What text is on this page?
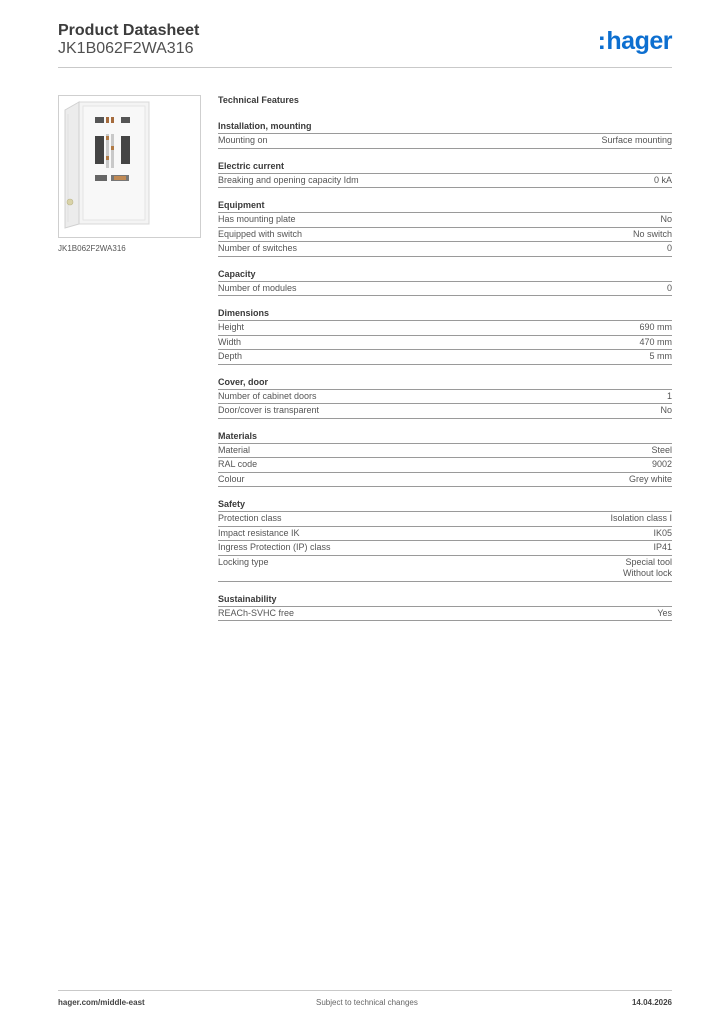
Product Datasheet
JK1B062F2WA316	:hager
JK1B062F2WA316
Technical Features
Installation, mounting
Mounting on	Surface mounting
Electric current
Breaking and opening capacity Idm	0 kA
Equipment
Has mounting plate	No
Equipped with switch	No switch
Number of switches	0
Capacity
Number of modules	0
Dimensions
Height	690 mm
Width	470 mm
Depth	5 mm
Cover, door
Number of cabinet doors	1
Door/cover is transparent	No
Materials
Material	Steel
RAL code	9002
Colour	Grey white
Safety
Protection class	Isolation class I
Impact resistance IK	IK05
Ingress Protection (IP) class	IP41
Locking type	Special tool
Without lock
Sustainability
REACh-SVHC free	Yes
hager.com/middle-east	Subject to technical changes	14.04.2026
